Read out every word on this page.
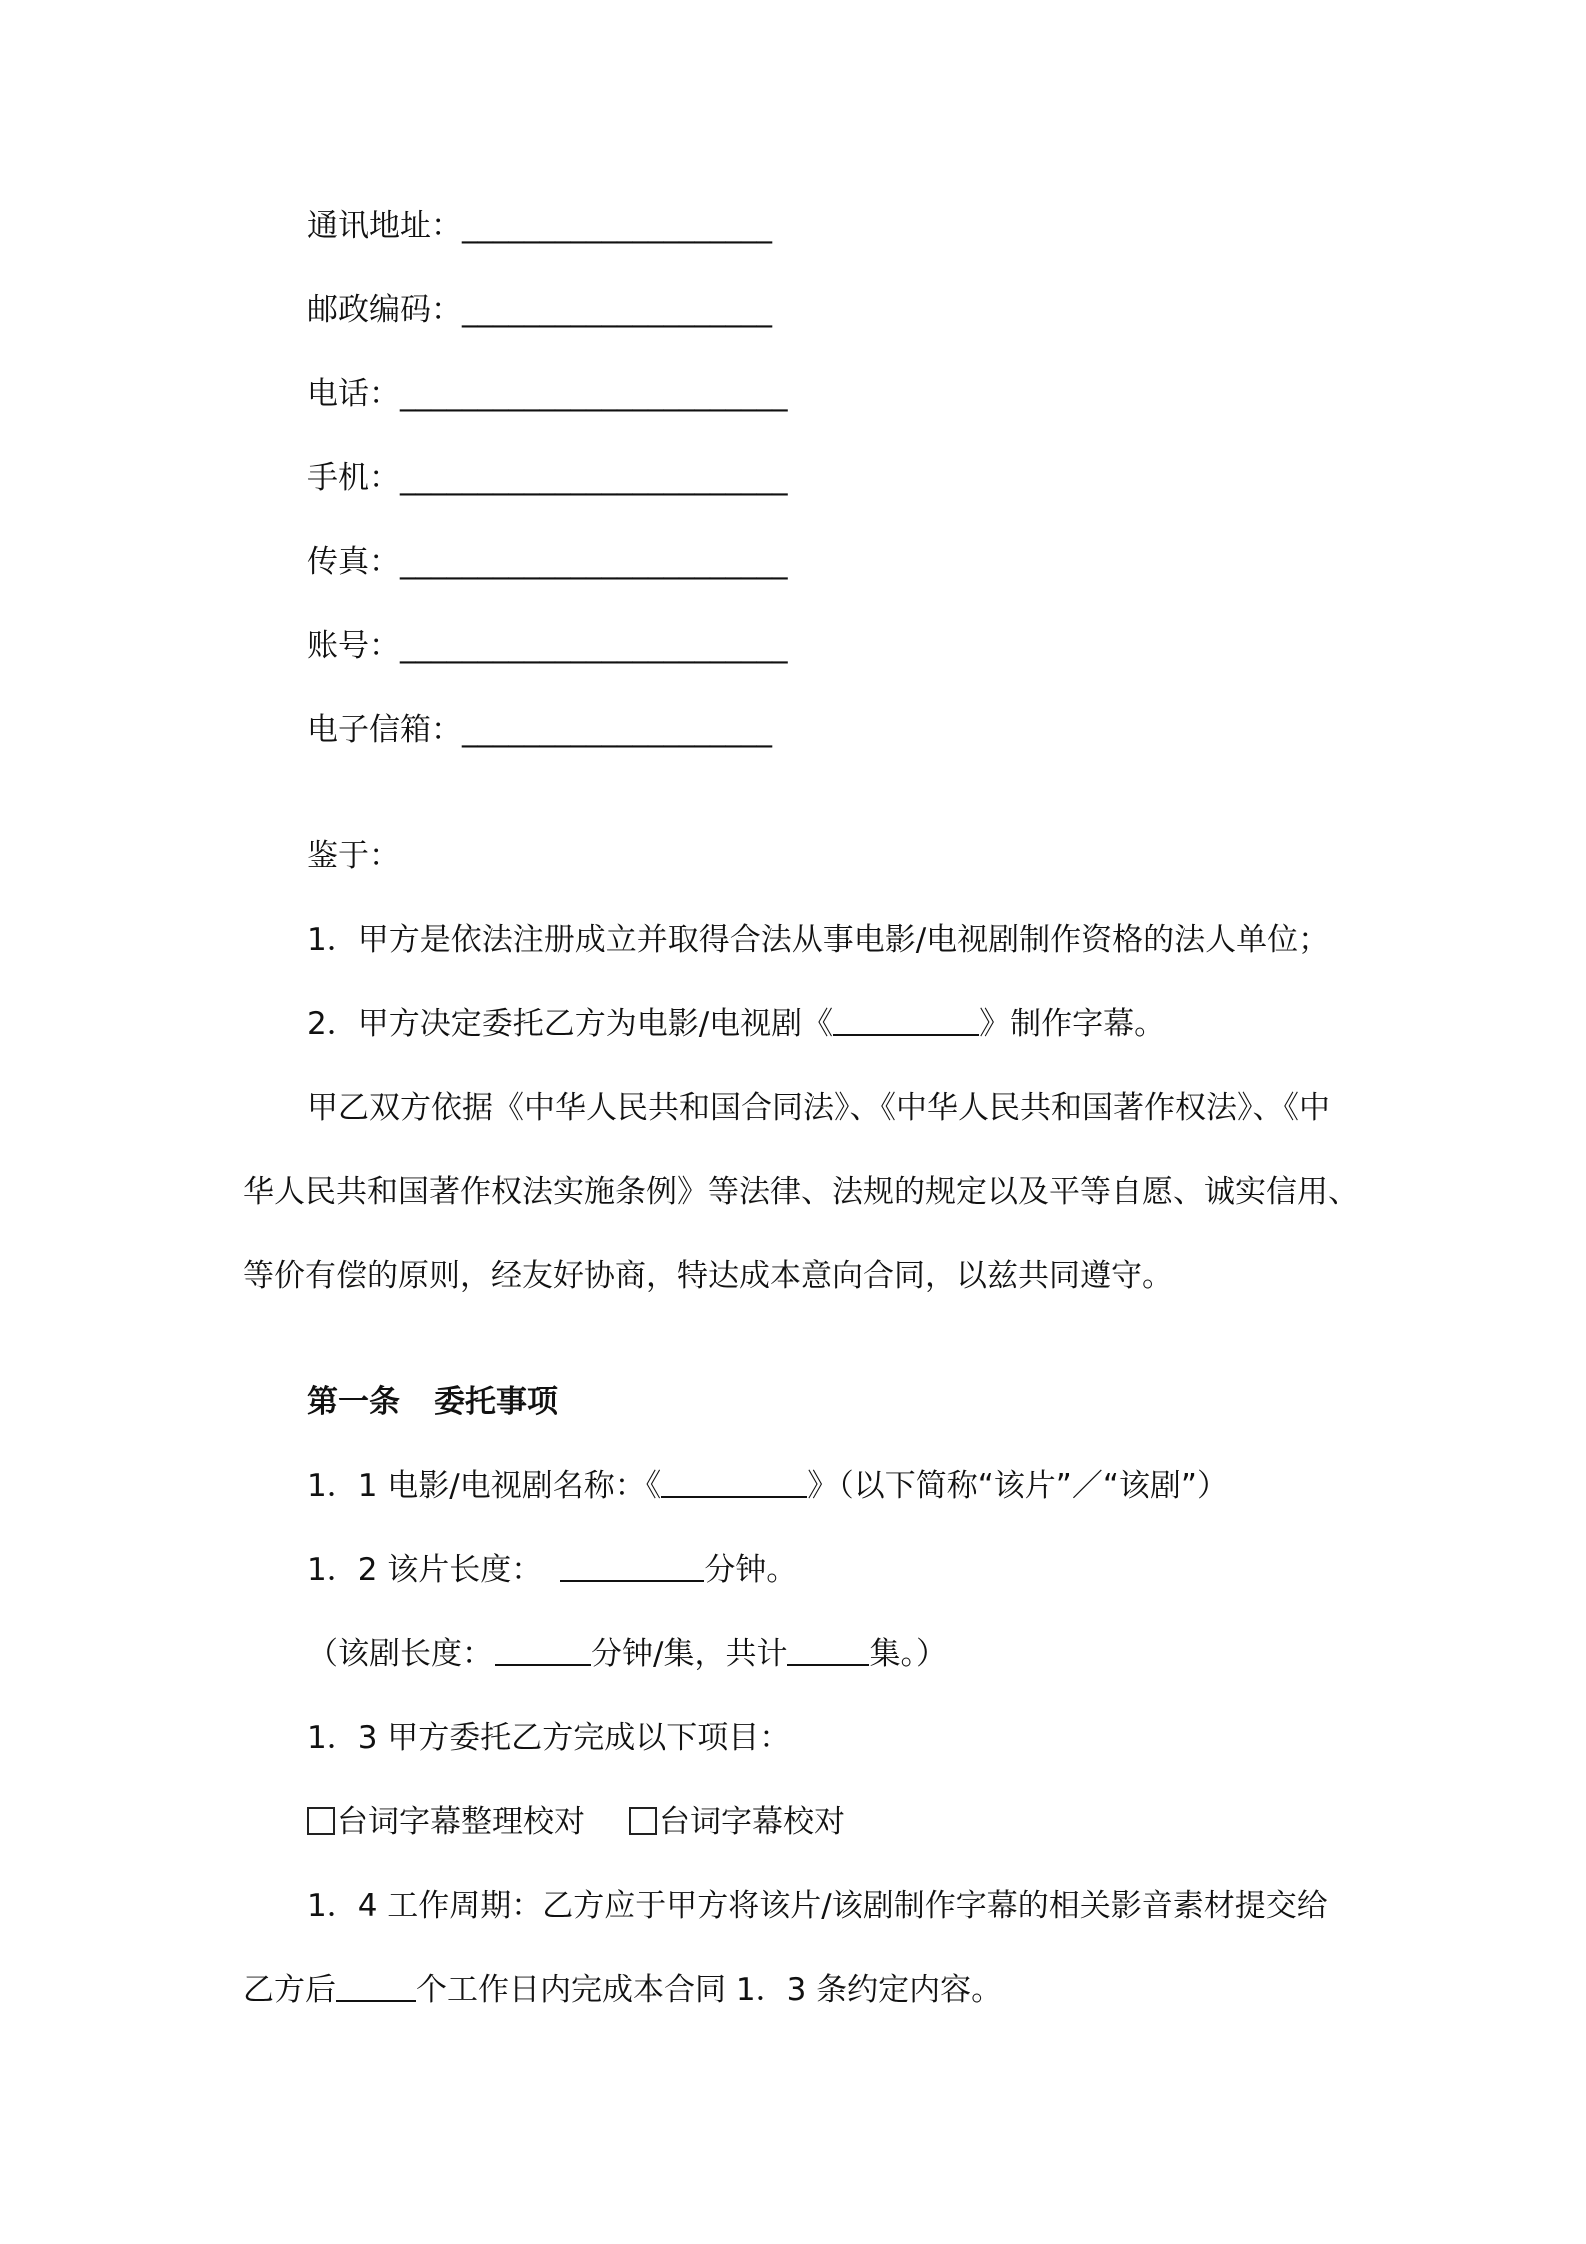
通讯地址：____________________
邮政编码：____________________
电话：_________________________
手机：_________________________
传真：_________________________
账号：_________________________
电子信箱：____________________
鉴于：
1．甲方是依法注册成立并取得合法从事电影/电视剧制作资格的法人单位；
2．甲方决定委托乙方为电影/电视剧《	》制作字幕。
甲乙双方依据《中华人民共和国合同法》、《中华人民共和国著作权法》、《中
华人民共和国著作权法实施条例》等法律、法规的规定以及平等自愿、诚实信用、
等价有偿的原则，经友好协商，特达成本意向合同，以兹共同遵守。
第一条 委托事项
1．1 电影/电视剧名称：《	》（以下简称“该片”／“该剧”）
1．2 该片长度：	分钟。
（该剧长度：	分钟/集，共计	集。）
1．3 甲方委托乙方完成以下项目：
台词字幕整理校对 台词字幕校对
1．4 工作周期：乙方应于甲方将该片/该剧制作字幕的相关影音素材提交给
乙方后	个工作日内完成本合同 1．3 条约定内容。
